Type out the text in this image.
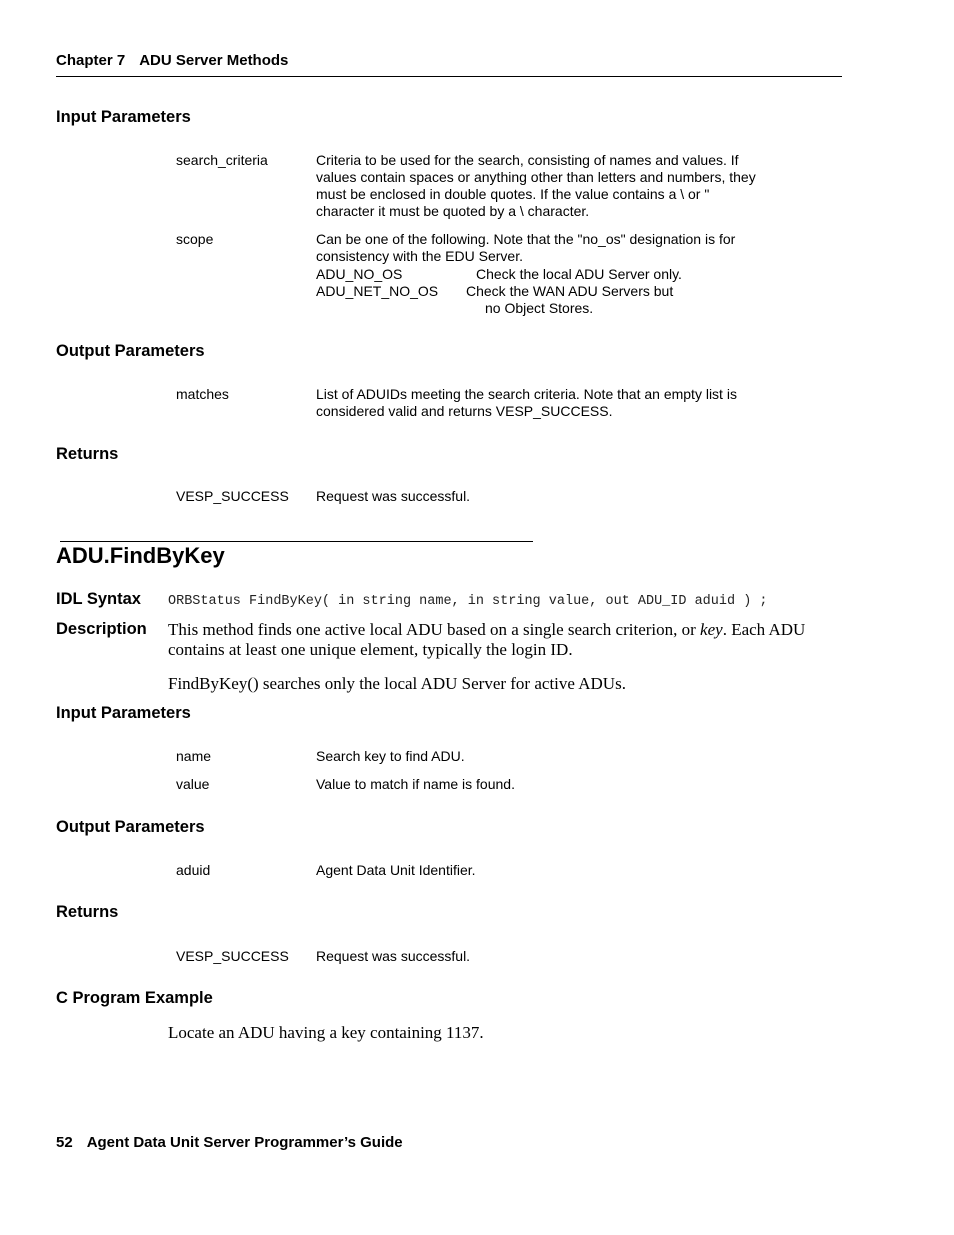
Chapter 7 ADU Server Methods
Input Parameters
search_criteria	Criteria to be used for the search, consisting of names and values. If values contain spaces or anything other than letters and numbers, they must be enclosed in double quotes. If the value contains a \ or " character it must be quoted by a \ character.
scope	Can be one of the following. Note that the "no_os" designation is for consistency with the EDU Server.
ADU_NO_OS	Check the local ADU Server only.
ADU_NET_NO_OS Check the WAN ADU Servers but
no Object Stores.
Output Parameters
matches	List of ADUIDs meeting the search criteria. Note that an empty list is considered valid and returns VESP_SUCCESS.
Returns
VESP_SUCCESS Request was successful.
ADU.FindByKey
IDL Syntax ORBStatus FindByKey( in string name, in string value, out ADU_ID aduid ) ;
Description This method finds one active local ADU based on a single search criterion, or key. Each ADU contains at least one unique element, typically the login ID.
FindByKey() searches only the local ADU Server for active ADUs.
Input Parameters
name	Search key to find ADU.
value	Value to match if name is found.
Output Parameters
aduid	Agent Data Unit Identifier.
Returns
VESP_SUCCESS Request was successful.
C Program Example
Locate an ADU having a key containing 1137.
52 Agent Data Unit Server Programmer’s Guide
